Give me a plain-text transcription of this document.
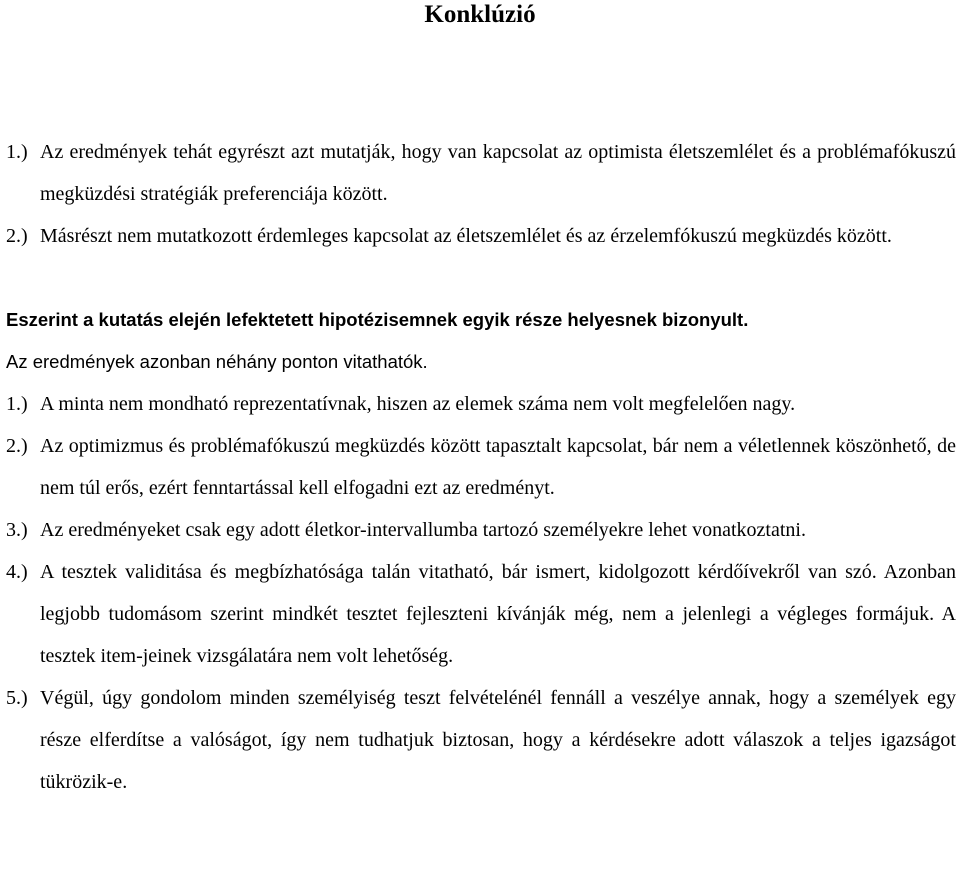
Konklúzió
1.) Az eredmények tehát egyrészt azt mutatják, hogy van kapcsolat az optimista életszemlélet és a problémafókuszú megküzdési stratégiák preferenciája között.
2.) Másrészt nem mutatkozott érdemleges kapcsolat az életszemlélet és az érzelemfókuszú megküzdés között.
Eszerint a kutatás elején lefektetett hipotézisemnek egyik része helyesnek bizonyult.
Az eredmények azonban néhány ponton vitathatók.
1.) A minta nem mondható reprezentatívnak, hiszen az elemek száma nem volt megfelelően nagy.
2.) Az optimizmus és problémafókuszú megküzdés között tapasztalt kapcsolat, bár nem a véletlennek köszönhető, de nem túl erős, ezért fenntartással kell elfogadni ezt az eredményt.
3.) Az eredményeket csak egy adott életkor-intervallumba tartozó személyekre lehet vonatkoztatni.
4.) A tesztek validitása és megbízhatósága talán vitatható, bár ismert, kidolgozott kérdőívekről van szó. Azonban legjobb tudomásom szerint mindkét tesztet fejleszteni kívánják még, nem a jelenlegi a végleges formájuk. A tesztek item-jeinek vizsgálatára nem volt lehetőség.
5.) Végül, úgy gondolom minden személyiség teszt felvételénél fennáll a veszélye annak, hogy a személyek egy része elferdítse a valóságot, így nem tudhatjuk biztosan, hogy a kérdésekre adott válaszok a teljes igazságot tükrözik-e.
